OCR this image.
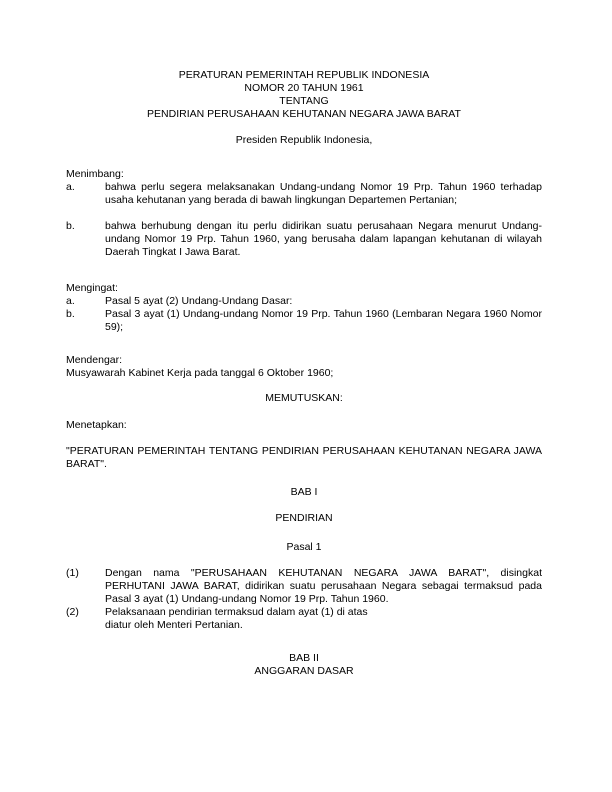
PERATURAN PEMERINTAH REPUBLIK INDONESIA
NOMOR 20 TAHUN 1961
TENTANG
PENDIRIAN PERUSAHAAN KEHUTANAN NEGARA JAWA BARAT
Presiden Republik Indonesia,
Menimbang:
a.	bahwa perlu segera melaksanakan Undang-undang Nomor 19 Prp. Tahun 1960 terhadap usaha kehutanan yang berada di bawah lingkungan Departemen Pertanian;
b.	bahwa berhubung dengan itu perlu didirikan suatu perusahaan Negara menurut Undang-undang Nomor 19 Prp. Tahun 1960, yang berusaha dalam lapangan kehutanan di wilayah Daerah Tingkat I Jawa Barat.
Mengingat:
a.	Pasal 5 ayat (2) Undang-Undang Dasar:
b.	Pasal 3 ayat (1) Undang-undang Nomor 19 Prp. Tahun 1960 (Lembaran Negara 1960 Nomor 59);
Mendengar:
Musyawarah Kabinet Kerja pada tanggal 6 Oktober 1960;
MEMUTUSKAN:
Menetapkan:
"PERATURAN PEMERINTAH TENTANG PENDIRIAN PERUSAHAAN KEHUTANAN NEGARA JAWA BARAT".
BAB I
PENDIRIAN
Pasal 1
(1)	Dengan nama "PERUSAHAAN KEHUTANAN NEGARA JAWA BARAT", disingkat PERHUTANI JAWA BARAT, didirikan suatu perusahaan Negara sebagai termaksud pada Pasal 3 ayat (1) Undang-undang Nomor 19 Prp. Tahun 1960.
(2)	Pelaksanaan pendirian termaksud dalam ayat (1) di atas
diatur oleh Menteri Pertanian.
BAB II
ANGGARAN DASAR
